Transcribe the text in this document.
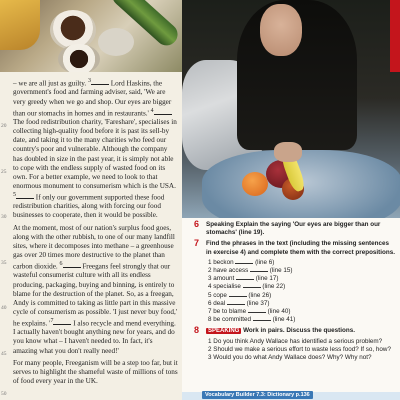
20
25
30
35
40
45
50

– we are all just as guilty. $^3$	Lord Haskins, the government's food and farming adviser, said, 'We are very greedy when we go and shop. Our eyes are bigger than our stomachs in homes and in restaurants.' $^4$ The food redistribution charity, 'Fareshare', specialises in collecting high-quality food before it is past its sell-by date, and taking it to the many charities who feed our country's poor and vulnerable. Although the company has doubled in size in the past year, it is simply not able to cope with the endless supply of wasted food on its own. For a better example, we need to look to that enormous monument to consumerism which is the USA. $^5$	If only our government supported these food redistribution charities, along with forcing our food businesses to cooperate, then it would be possible.

At the moment, most of our nation's surplus food goes, along with the other rubbish, to one of our many landfill sites, where it decomposes into methane – a greenhouse gas over 20 times more destructive to the planet than carbon dioxide. $^6$	Freegans feel strongly that our wasteful consumerist culture with all its endless producing, packaging, buying and binning, is entirely to blame for the destruction of the planet. So, as a freegan, Andy is committed to taking as little part in this massive cycle of consumerism as possible. 'I just never buy food,' he explains. '$^7$	I also recycle and mend everything. I actually haven't bought anything new for years, and do you know what – I haven't needed to. In fact, it's amazing what you don't really need!'

For many people, Freeganism will be a step too far, but it serves to highlight the shameful waste of millions of tons of food every year in the UK.

6 Speaking Explain the saying 'Our eyes are bigger than our stomachs' (line 19).
7 Find the phrases in the text (including the missing sentences in exercise 4) and complete them with the correct prepositions.
1 beckon	(line 6)
2 have access	(line 15)
3 amount	(line 17)
4 specialise	(line 22)
5 cope	(line 26)
6 deal	(line 37)
7 be to blame	(line 40)
8 be committed	(line 41)
8 SPEAKING Work in pairs. Discuss the questions.
1 Do you think Andy Wallace has identified a serious problem?
2 Should we make a serious effort to waste less food? If so, how?
3 Would you do what Andy Wallace does? Why? Why not?
Vocabulary Builder 7.3: Dictionary p.136
